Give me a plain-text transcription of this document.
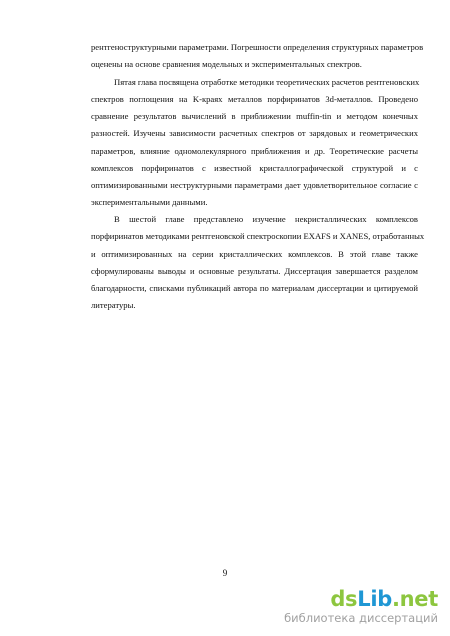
рентгеноструктурными параметрами. Погрешности определения структурных параметров
оценены на основе сравнения модельных и экспериментальных спектров.
Пятая глава посвящена отработке методики теоретических расчетов рентгеновских
спектров поглощения на K-краях металлов порфиринатов 3d-металлов. Проведено
сравнение результатов вычислений в приближении muffin-tin и методом конечных
разностей. Изучены зависимости расчетных спектров от зарядовых и геометрических
параметров, влияние одномолекулярного приближения и др. Теоретические расчеты
комплексов порфиринатов с известной кристаллографической структурой и с
оптимизированными неструктурными параметрами дает удовлетворительное согласие с
экспериментальными данными.
В шестой главе представлено изучение некристаллических комплексов
порфиринатов методиками рентгеновской спектроскопии EXAFS и XANES, отработанных
и оптимизированных на серии кристаллических комплексов. В этой главе также
сформулированы выводы и основные результаты. Диссертация завершается разделом
благодарности, списками публикаций автора по материалам диссертации и цитируемой
литературы.
9
dsLib.net
библиотека диссертаций
